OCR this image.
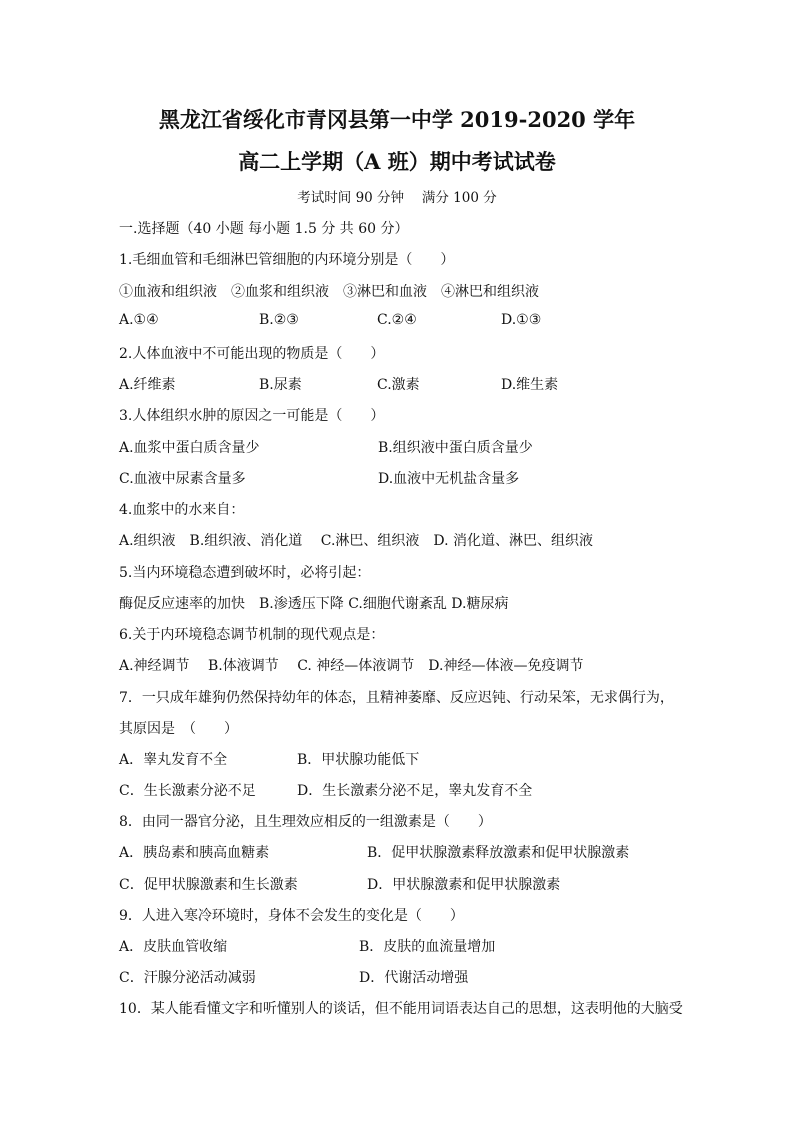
黑龙江省绥化市青冈县第一中学 2019-2020 学年
高二上学期（A 班）期中考试试卷
考试时间 90 分钟　 满分 100 分
一.选择题（40 小题 每小题 1.5 分 共 60 分）
1.毛细血管和毛细淋巴管细胞的内环境分别是（　　）
①血液和组织液　②血浆和组织液　③淋巴和血液　④淋巴和组织液
A.①④	B.②③	C.②④	D.①③
2.人体血液中不可能出现的物质是（　　）
A.纤维素	B.尿素	C.激素	D.维生素
3.人体组织水肿的原因之一可能是（　　）
A.血浆中蛋白质含量少	B.组织液中蛋白质含量少
C.血液中尿素含量多	D.血液中无机盐含量多
4.血浆中的水来自：
A.组织液　B.组织液、消化道　 C.淋巴、组织液　D. 消化道、淋巴、组织液
5.当内环境稳态遭到破坏时，必将引起：
酶促反应速率的加快　B.渗透压下降 C.细胞代谢紊乱 D.糖尿病
6.关于内环境稳态调节机制的现代观点是：
A.神经调节　 B.体液调节　 C. 神经—体液调节　D.神经—体液—免疫调节
7．一只成年雄狗仍然保持幼年的体态，且精神萎靡、反应迟钝、行动呆笨，无求偶行为，
其原因是　（　　）
A．睾丸发育不全	B．甲状腺功能低下
C．生长激素分泌不足	D．生长激素分泌不足，睾丸发育不全
8．由同一器官分泌，且生理效应相反的一组激素是（　　）
A．胰岛素和胰高血糖素	B．促甲状腺激素释放激素和促甲状腺激素
C．促甲状腺激素和生长激素	D．甲状腺激素和促甲状腺激素
9．人进入寒冷环境时，身体不会发生的变化是（　　）
A．皮肤血管收缩	B．皮肤的血流量增加
C．汗腺分泌活动减弱	D．代谢活动增强
10．某人能看懂文字和听懂别人的谈话，但不能用词语表达自己的思想，这表明他的大脑受
